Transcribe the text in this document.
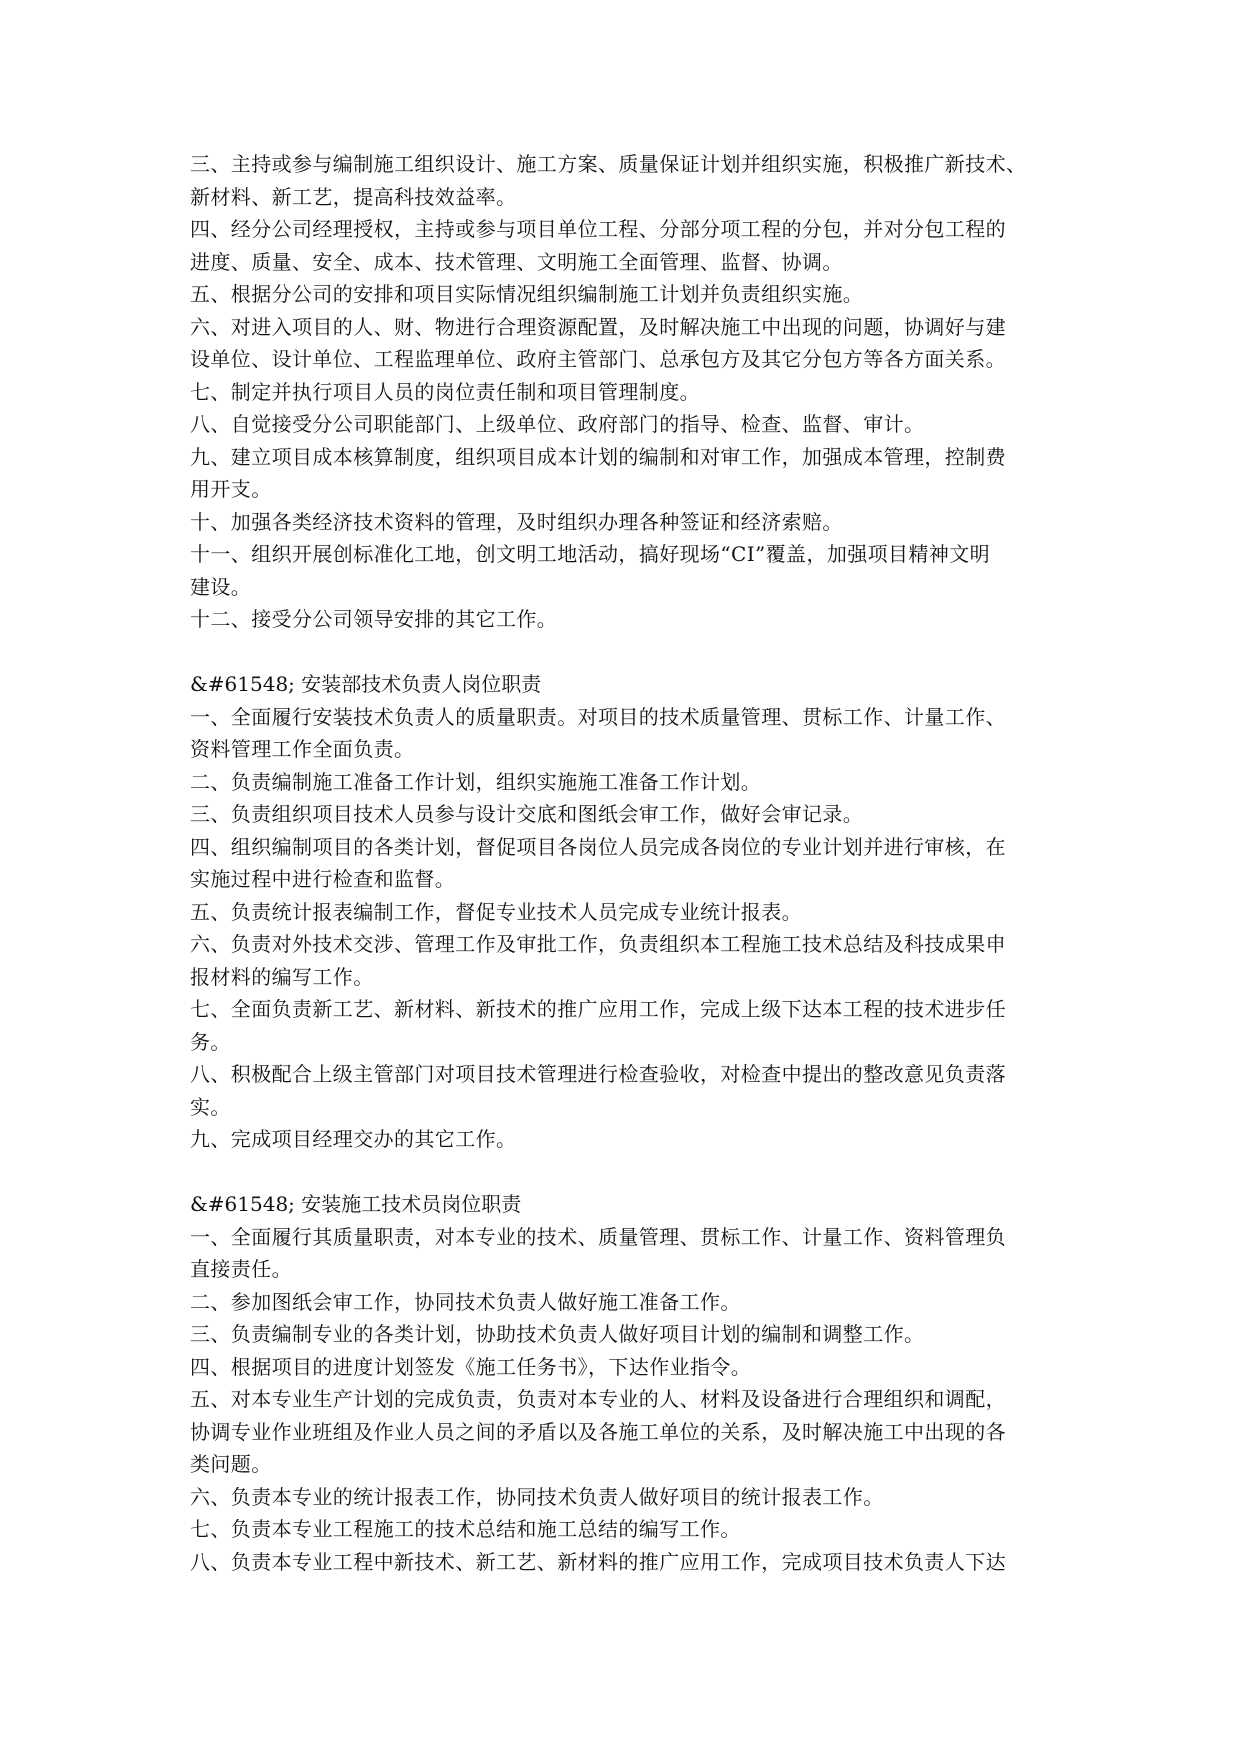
三、主持或参与编制施工组织设计、施工方案、质量保证计划并组织实施，积极推广新技术、
新材料、新工艺，提高科技效益率。
四、经分公司经理授权，主持或参与项目单位工程、分部分项工程的分包，并对分包工程的
进度、质量、安全、成本、技术管理、文明施工全面管理、监督、协调。
五、根据分公司的安排和项目实际情况组织编制施工计划并负责组织实施。
六、对进入项目的人、财、物进行合理资源配置，及时解决施工中出现的问题，协调好与建
设单位、设计单位、工程监理单位、政府主管部门、总承包方及其它分包方等各方面关系。
七、制定并执行项目人员的岗位责任制和项目管理制度。
八、自觉接受分公司职能部门、上级单位、政府部门的指导、检查、监督、审计。
九、建立项目成本核算制度，组织项目成本计划的编制和对审工作，加强成本管理，控制费
用开支。
十、加强各类经济技术资料的管理，及时组织办理各种签证和经济索赔。
十一、组织开展创标准化工地，创文明工地活动，搞好现场“CI”覆盖，加强项目精神文明
建设。
十二、接受分公司领导安排的其它工作。
&#61548; 安装部技术负责人岗位职责
一、全面履行安装技术负责人的质量职责。对项目的技术质量管理、贯标工作、计量工作、
资料管理工作全面负责。
二、负责编制施工准备工作计划，组织实施施工准备工作计划。
三、负责组织项目技术人员参与设计交底和图纸会审工作，做好会审记录。
四、组织编制项目的各类计划，督促项目各岗位人员完成各岗位的专业计划并进行审核，在
实施过程中进行检查和监督。
五、负责统计报表编制工作，督促专业技术人员完成专业统计报表。
六、负责对外技术交涉、管理工作及审批工作，负责组织本工程施工技术总结及科技成果申
报材料的编写工作。
七、全面负责新工艺、新材料、新技术的推广应用工作，完成上级下达本工程的技术进步任
务。
八、积极配合上级主管部门对项目技术管理进行检查验收，对检查中提出的整改意见负责落
实。
九、完成项目经理交办的其它工作。
&#61548; 安装施工技术员岗位职责
一、全面履行其质量职责，对本专业的技术、质量管理、贯标工作、计量工作、资料管理负
直接责任。
二、参加图纸会审工作，协同技术负责人做好施工准备工作。
三、负责编制专业的各类计划，协助技术负责人做好项目计划的编制和调整工作。
四、根据项目的进度计划签发《施工任务书》，下达作业指令。
五、对本专业生产计划的完成负责，负责对本专业的人、材料及设备进行合理组织和调配，
协调专业作业班组及作业人员之间的矛盾以及各施工单位的关系，及时解决施工中出现的各
类问题。
六、负责本专业的统计报表工作，协同技术负责人做好项目的统计报表工作。
七、负责本专业工程施工的技术总结和施工总结的编写工作。
八、负责本专业工程中新技术、新工艺、新材料的推广应用工作，完成项目技术负责人下达
